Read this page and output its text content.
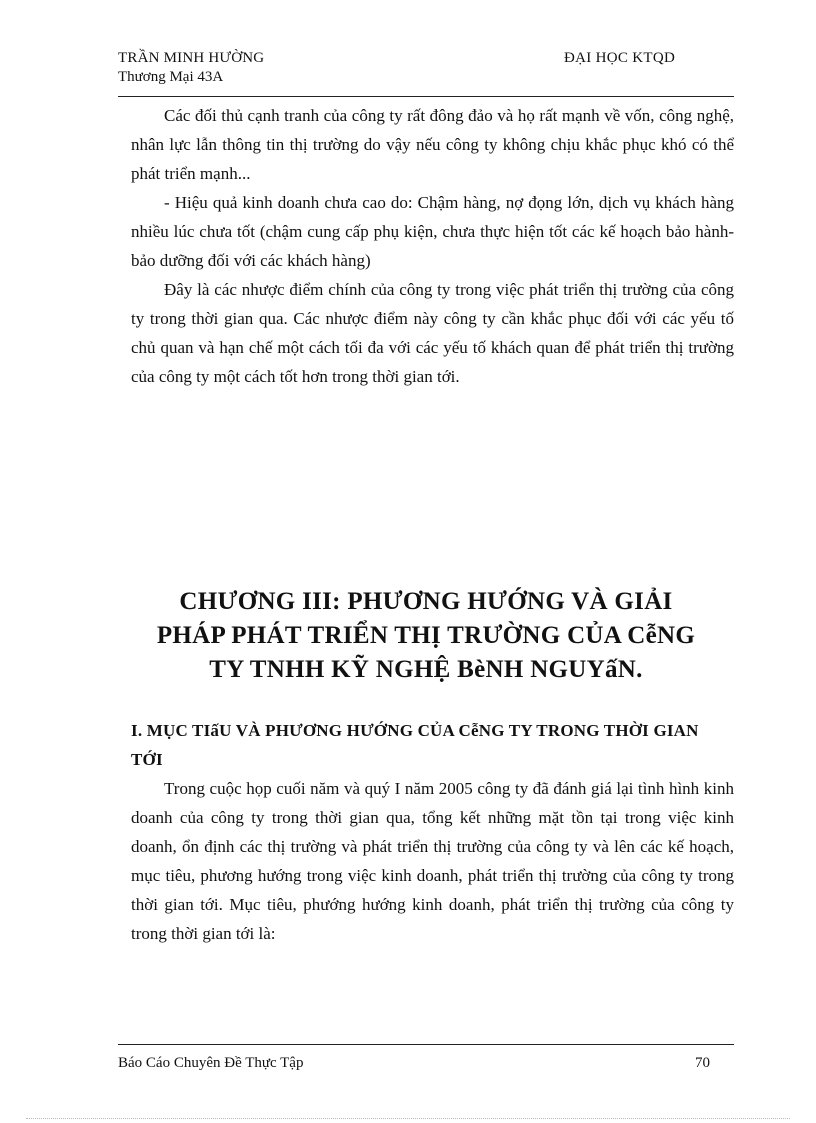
TRẦN MINH HƯỜNG
Thương Mại 43A
ĐẠI HỌC KTQD

Các đối thủ cạnh tranh của công ty rất đông đảo và họ rất mạnh về vốn, công nghệ, nhân lực lẫn thông tin thị trường do vậy nếu công ty không chịu khắc phục khó có thể phát triển mạnh...

- Hiệu quả kinh doanh chưa cao do: Chậm hàng, nợ đọng lớn, dịch vụ khách hàng nhiều lúc chưa tốt (chậm cung cấp phụ kiện, chưa thực hiện tốt các kế hoạch bảo hành- bảo dưỡng đối với các khách hàng)

Đây là các nhược điểm chính của công ty trong việc phát triển thị trường của công ty trong thời gian qua. Các nhược điểm này công ty cần khắc phục đối với các yếu tố chủ quan và hạn chế một cách tối đa với các yếu tố khách quan để phát triển thị trường của công ty một cách tốt hơn trong thời gian tới.

CHƯƠNG III: PHƯƠNG HƯỚNG VÀ GIẢI
PHÁP PHÁT TRIỂN THỊ TRƯỜNG CỦA CễNG
TY TNHH KỸ NGHỆ BèNH NGUYấN.
I. MỤC TIấU VÀ PHƯƠNG HƯỚNG CỦA CễNG TY TRONG THỜI GIAN TỚI

Trong cuộc họp cuối năm và quý I năm 2005 công ty đã đánh giá lại tình hình kinh doanh của công ty trong thời gian qua, tổng kết những mặt tồn tại trong việc kinh doanh, ổn định các thị trường và phát triển thị trường của công ty và lên các kế hoạch, mục tiêu, phương hướng trong việc kinh doanh, phát triển thị trường của công ty trong thời gian tới. Mục tiêu, phướng hướng kinh doanh, phát triển thị trường của công ty trong thời gian tới là:

Báo Cáo Chuyên Đề Thực Tập	70
